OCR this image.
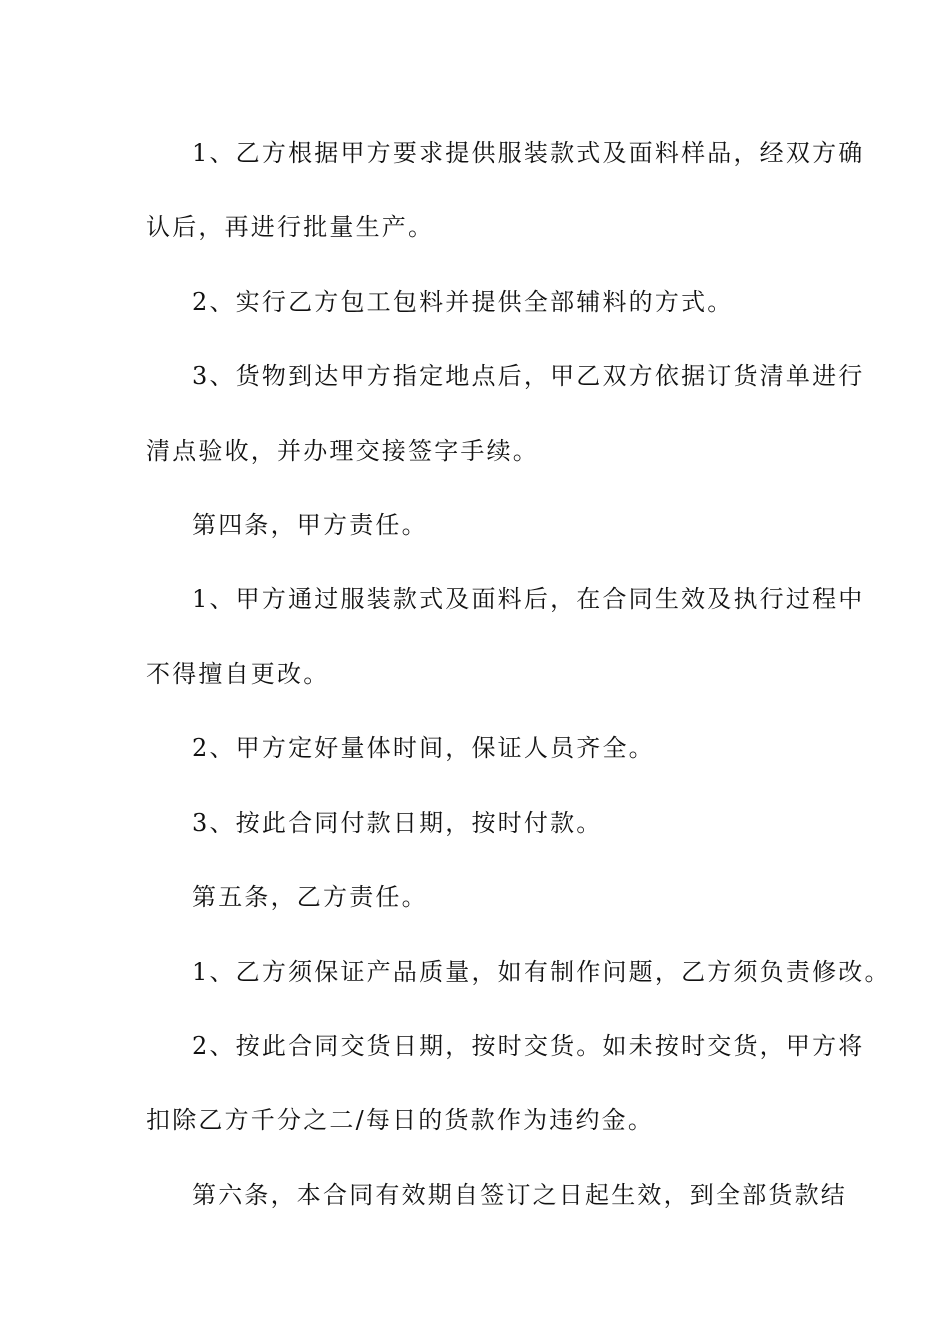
1、乙方根据甲方要求提供服装款式及面料样品，经双方确
认后，再进行批量生产。
2、实行乙方包工包料并提供全部辅料的方式。
3、货物到达甲方指定地点后，甲乙双方依据订货清单进行
清点验收，并办理交接签字手续。
第四条，甲方责任。
1、甲方通过服装款式及面料后，在合同生效及执行过程中
不得擅自更改。
2、甲方定好量体时间，保证人员齐全。
3、按此合同付款日期，按时付款。
第五条，乙方责任。
1、乙方须保证产品质量，如有制作问题，乙方须负责修改。
2、按此合同交货日期，按时交货。如未按时交货，甲方将
扣除乙方千分之二/每日的货款作为违约金。
第六条，本合同有效期自签订之日起生效，到全部货款结
